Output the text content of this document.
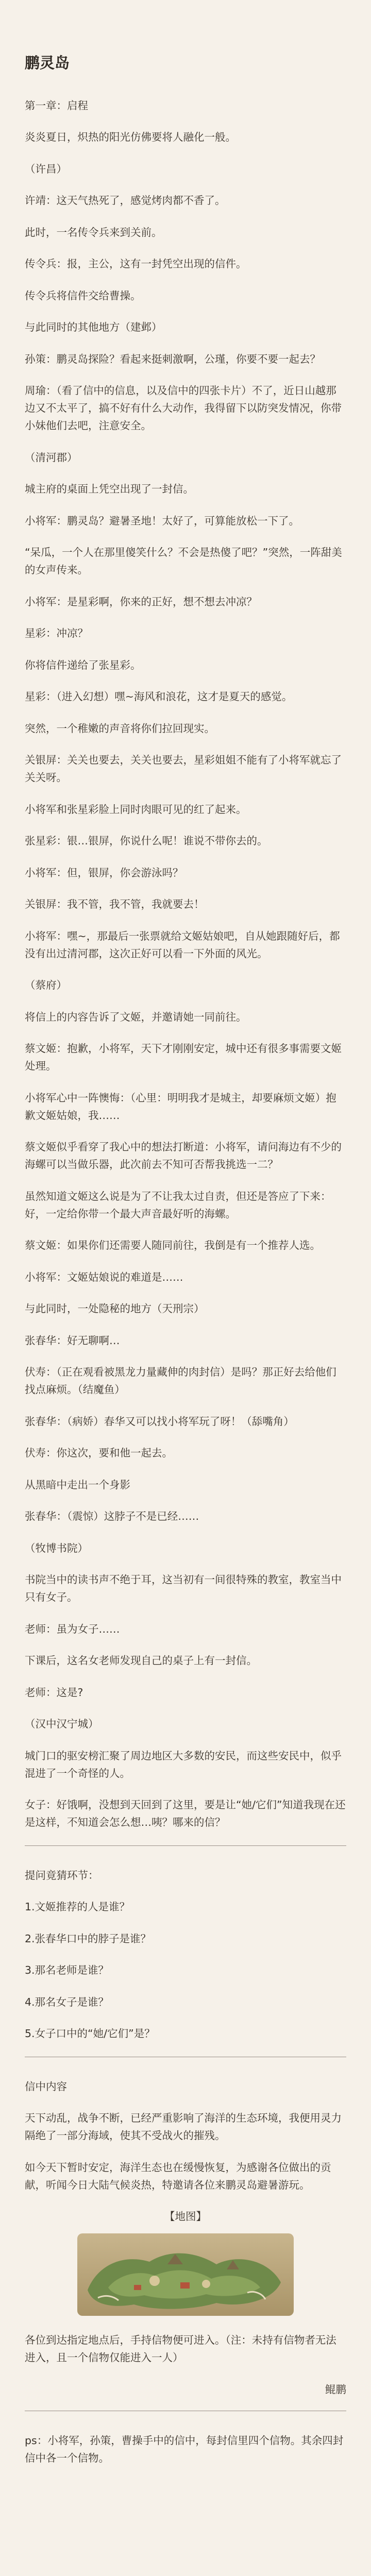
鹏灵岛
第一章：启程
炎炎夏日，炽热的阳光仿佛要将人融化一般。
（许昌）
许靖：这天气热死了，感觉烤肉都不香了。
此时，一名传令兵来到关前。
传令兵：报，主公，这有一封凭空出现的信件。
传令兵将信件交给曹操。
与此同时的其他地方（建邺）
孙策：鹏灵岛探险？看起来挺刺激啊，公瑾，你要不要一起去？
周瑜：（看了信中的信息，以及信中的四张卡片）不了，近日山越那边又不太平了，搞不好有什么大动作，我得留下以防突发情况，你带小妹他们去吧，注意安全。
（清河郡）
城主府的桌面上凭空出现了一封信。
小将军：鹏灵岛？避暑圣地！太好了，可算能放松一下了。
“呆瓜，一个人在那里傻笑什么？不会是热傻了吧？”突然，一阵甜美的女声传来。
小将军：是星彩啊，你来的正好，想不想去冲凉？
星彩：冲凉？
你将信件递给了张星彩。
星彩：（进入幻想）嘿~海风和浪花，这才是夏天的感觉。
突然，一个稚嫩的声音将你们拉回现实。
关银屏：关关也要去，关关也要去，星彩姐姐不能有了小将军就忘了关关呀。
小将军和张星彩脸上同时肉眼可见的红了起来。
张星彩：银…银屏，你说什么呢！谁说不带你去的。
小将军：但，银屏，你会游泳吗？
关银屏：我不管，我不管，我就要去！
小将军：嘿~，那最后一张票就给文姬姑娘吧，自从她跟随好后，都没有出过清河郡，这次正好可以看一下外面的风光。
（蔡府）
将信上的内容告诉了文姬，并邀请她一同前往。
蔡文姬：抱歉，小将军，天下才刚刚安定，城中还有很多事需要文姬处理。
小将军心中一阵懊悔：（心里：明明我才是城主，却要麻烦文姬）抱歉文姬姑娘，我……
蔡文姬似乎看穿了我心中的想法打断道：小将军，请问海边有不少的海螺可以当做乐器，此次前去不知可否帮我挑选一二？
虽然知道文姬这么说是为了不让我太过自责，但还是答应了下来：好，一定给你带一个最大声音最好听的海螺。
蔡文姬：如果你们还需要人随同前往，我倒是有一个推荐人选。
小将军：文姬姑娘说的难道是……
与此同时，一处隐秘的地方（天刑宗）
张春华：好无聊啊…
伏寿：（正在观看被黑龙力量藏伸的肉封信）是吗？那正好去给他们找点麻烦。（结魔鱼）
张春华：（病娇）春华又可以找小将军玩了呀！（舔嘴角）
伏寿：你这次，要和他一起去。
从黑暗中走出一个身影
张春华：（震惊）这脖子不是已经……
（牧博书院）
书院当中的读书声不绝于耳，这当初有一间很特殊的教室，教室当中只有女子。
老师：虽为女子……
下课后，这名女老师发现自己的桌子上有一封信。
老师：这是?
（汉中汉宁城）
城门口的驱安榜汇聚了周边地区大多数的安民，而这些安民中，似乎混进了一个奇怪的人。
女子：好饿啊，没想到天回到了这里，要是让“她/它们”知道我现在还是这样，不知道会怎么想…咦？哪来的信？
提问竟猜环节：
1.文姬推荐的人是谁？
2.张春华口中的脖子是谁？
3.那名老师是谁？
4.那名女子是谁？
5.女子口中的“她/它们”是？
信中内容
天下动乱，战争不断，已经严重影响了海洋的生态环境，我便用灵力隔绝了一部分海域，使其不受战火的摧残。
如今天下暂时安定，海洋生态也在缓慢恢复，为感谢各位做出的贡献，听闻今日大陆气候炎热，特邀请各位来鹏灵岛避暑游玩。
【地图】
各位到达指定地点后，手持信物便可进入。（注：未持有信物者无法进入，且一个信物仅能进入一人）
鲲鹏
ps：小将军，孙策，曹操手中的信中，每封信里四个信物。其余四封信中各一个信物。
